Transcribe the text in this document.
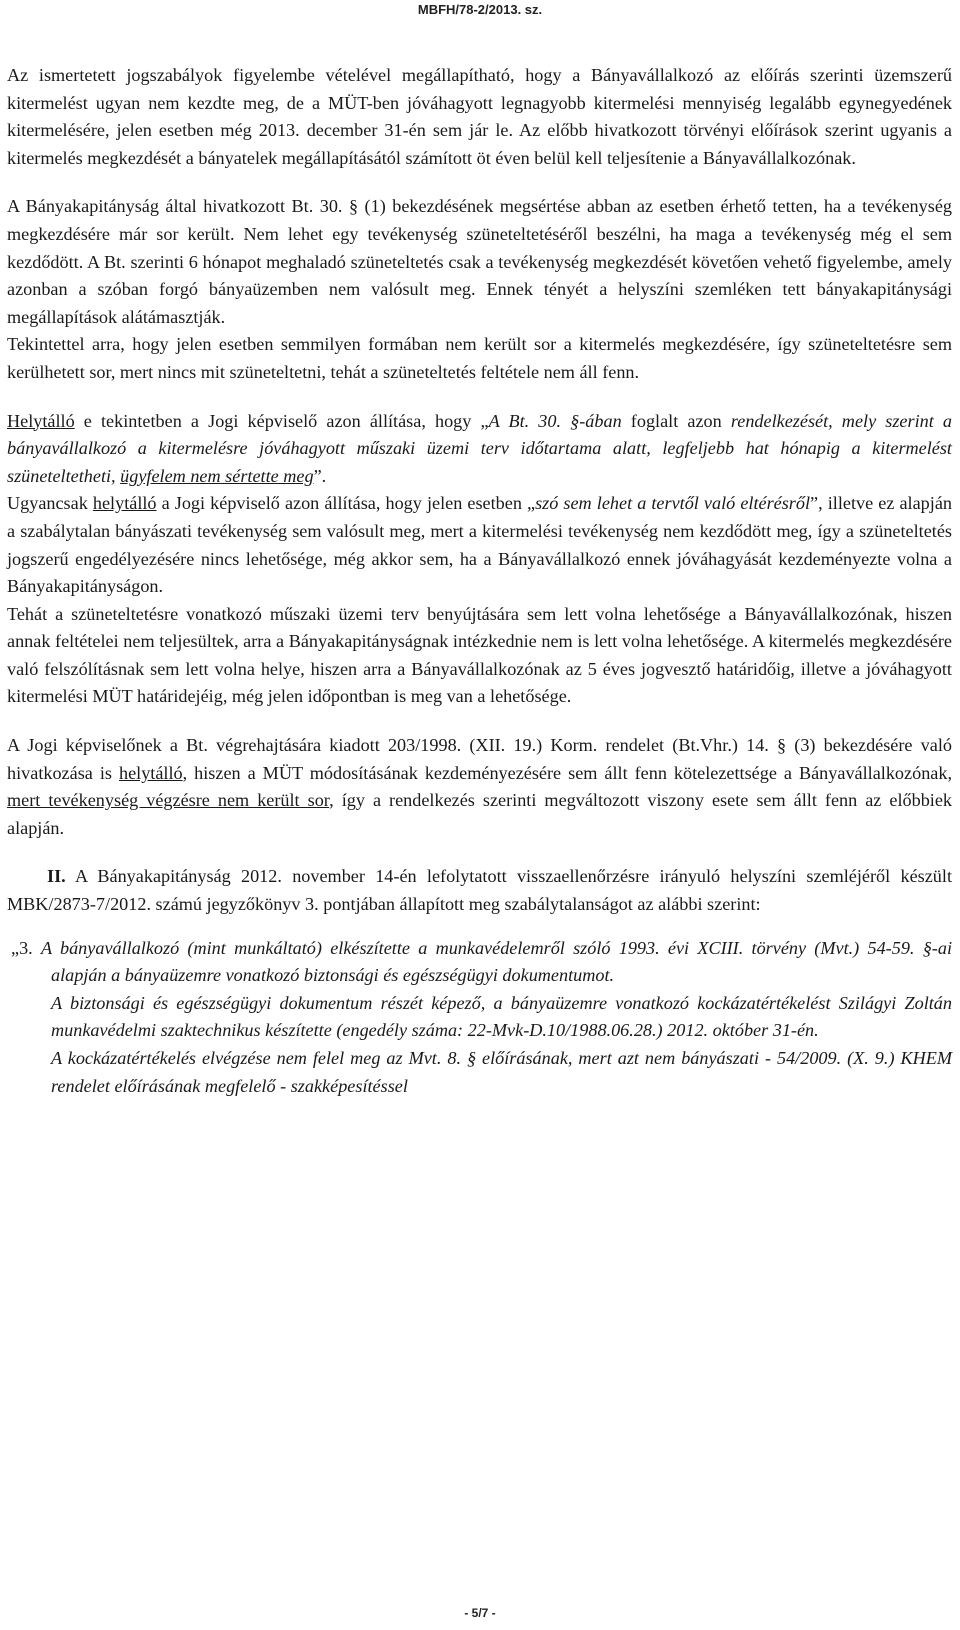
MBFH/78-2/2013. sz.

Az ismertetett jogszabályok figyelembe vételével megállapítható, hogy a Bányavállalkozó az előírás szerinti üzemszerű kitermelést ugyan nem kezdte meg, de a MÜT-ben jóváhagyott legnagyobb kitermelési mennyiség legalább egynegyedének kitermelésére, jelen esetben még 2013. december 31-én sem jár le. Az előbb hivatkozott törvényi előírások szerint ugyanis a kitermelés megkezdését a bányatelek megállapításától számított öt éven belül kell teljesítenie a Bányavállalkozónak.

A Bányakapitányság által hivatkozott Bt. 30. § (1) bekezdésének megsértése abban az esetben érhető tetten, ha a tevékenység megkezdésére már sor került. Nem lehet egy tevékenység szüneteltetéséről beszélni, ha maga a tevékenység még el sem kezdődött. A Bt. szerinti 6 hónapot meghaladó szüneteltetés csak a tevékenység megkezdését követően vehető figyelembe, amely azonban a szóban forgó bányaüzemben nem valósult meg. Ennek tényét a helyszíni szemléken tett bányakapitánysági megállapítások alátámasztják.

Tekintettel arra, hogy jelen esetben semmilyen formában nem került sor a kitermelés megkezdésére, így szüneteltetésre sem kerülhetett sor, mert nincs mit szüneteltetni, tehát a szüneteltetés feltétele nem áll fenn.

Helytálló e tekintetben a Jogi képviselő azon állítása, hogy „A Bt. 30. §-ában foglalt azon rendelkezését, mely szerint a bányavállalkozó a kitermelésre jóváhagyott műszaki üzemi terv időtartama alatt, legfeljebb hat hónapig a kitermelést szüneteltetheti, ügyfelem nem sértette meg”.

Ugyancsak helytálló a Jogi képviselő azon állítása, hogy jelen esetben „szó sem lehet a tervtől való eltérésről”, illetve ez alapján a szabálytalan bányászati tevékenység sem valósult meg, mert a kitermelési tevékenység nem kezdődött meg, így a szüneteltetés jogszerű engedélyezésére nincs lehetősége, még akkor sem, ha a Bányavállalkozó ennek jóváhagyását kezdeményezte volna a Bányakapitányságon.

Tehát a szüneteltetésre vonatkozó műszaki üzemi terv benyújtására sem lett volna lehetősége a Bányavállalkozónak, hiszen annak feltételei nem teljesültek, arra a Bányakapitányságnak intézkednie nem is lett volna lehetősége. A kitermelés megkezdésére való felszólításnak sem lett volna helye, hiszen arra a Bányavállalkozónak az 5 éves jogvesztő határidőig, illetve a jóváhagyott kitermelési MÜT határidejéig, még jelen időpontban is meg van a lehetősége.

A Jogi képviselőnek a Bt. végrehajtására kiadott 203/1998. (XII. 19.) Korm. rendelet (Bt.Vhr.) 14. § (3) bekezdésére való hivatkozása is helytálló, hiszen a MÜT módosításának kezdeményezésére sem állt fenn kötelezettsége a Bányavállalkozónak, mert tevékenység végzésre nem került sor, így a rendelkezés szerinti megváltozott viszony esete sem állt fenn az előbbiek alapján.

II. A Bányakapitányság 2012. november 14-én lefolytatott visszaellenőrzésre irányuló helyszíni szemléjéről készült MBK/2873-7/2012. számú jegyzőkönyv 3. pontjában állapított meg szabálytalanságot az alábbi szerint:

„3. A bányavállalkozó (mint munkáltató) elkészítette a munkavédelemről szóló 1993. évi XCIII. törvény (Mvt.) 54-59. §-ai alapján a bányaüzemre vonatkozó biztonsági és egészségügyi dokumentumot.

A biztonsági és egészségügyi dokumentum részét képező, a bányaüzemre vonatkozó kockázatértékelést Szilágyi Zoltán munkavédelmi szaktechnikus készítette (engedély száma: 22-Mvk-D.10/1988.06.28.) 2012. október 31-én.

A kockázatértékelés elvégzése nem felel meg az Mvt. 8. § előírásának, mert azt nem bányászati - 54/2009. (X. 9.) KHEM rendelet előírásának megfelelő - szakképesítéssel

- 5/7 -
